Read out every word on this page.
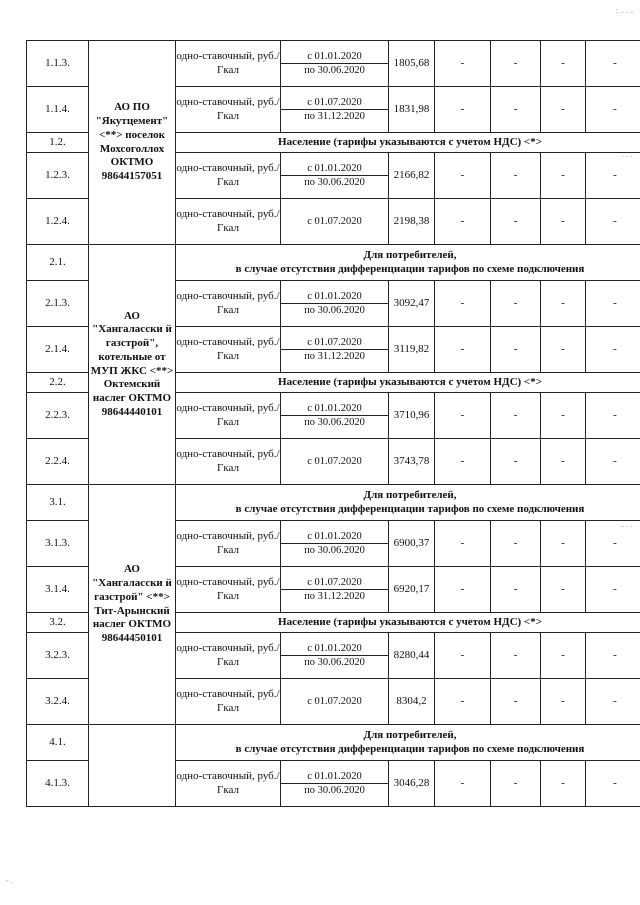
1.1.3.	АО ПО "Якутцемент" <**> поселок Мохсоголлох ОКТМО 98644157051	одно-ставочный, руб./Гкал	с 01.01.2020
по 30.06.2020	1805,68	-	-	-	-
1.1.4.		одно-ставочный, руб./Гкал	с 01.07.2020
по 31.12.2020	1831,98	-	-	-	-
1.2.		Население (тарифы указываются с учетом НДС) <*>						
1.2.3.		одно-ставочный, руб./Гкал	с 01.01.2020
по 30.06.2020	2166,82	-	-	-	-
1.2.4.		одно-ставочный, руб./Гкал	с 01.07.2020	2198,38	-	-	-	-
2.1.	АО "Хангаласски й газстрой", котельные от МУП ЖКС <**> Октемский наслег ОКТМО 98644440101	Для потребителей,
в случае отсутствия дифференциации тарифов по схеме подключения						

2.1.3.		одно-ставочный, руб./Гкал	с 01.01.2020
по 30.06.2020	3092,47	-	-	-	-
2.1.4.		одно-ставочный, руб./Гкал	с 01.07.2020
по 31.12.2020	3119,82	-	-	-	-
2.2.		Население (тарифы указываются с учетом НДС) <*>						
2.2.3.		одно-ставочный, руб./Гкал	с 01.01.2020
по 30.06.2020	3710,96	-	-	-	-
2.2.4.		одно-ставочный, руб./Гкал	с 01.07.2020	3743,78	-	-	-	-
3.1.	АО "Хангаласски й газстрой" <**> Тит-Арынский наслег ОКТМО 98644450101	Для потребителей,
в случае отсутствия дифференциации тарифов по схеме подключения						

3.1.3.		одно-ставочный, руб./Гкал	с 01.01.2020
по 30.06.2020	6900,37	-	-	-	-
3.1.4.		одно-ставочный, руб./Гкал	с 01.07.2020
по 31.12.2020	6920,17	-	-	-	-
3.2.		Население (тарифы указываются с учетом НДС) <*>						
3.2.3.		одно-ставочный, руб./Гкал	с 01.01.2020
по 30.06.2020	8280,44	-	-	-	-
3.2.4.		одно-ставочный, руб./Гкал	с 01.07.2020	8304,2	-	-	-	-
4.1.		Для потребителей,
в случае отсутствия дифференциации тарифов по схеме подключения						

4.1.3.		одно-ставочный, руб./Гкал	с 01.01.2020
по 30.06.2020	3046,28	-	-	-	-
: .. . ..
. . .
.. . .
- .
